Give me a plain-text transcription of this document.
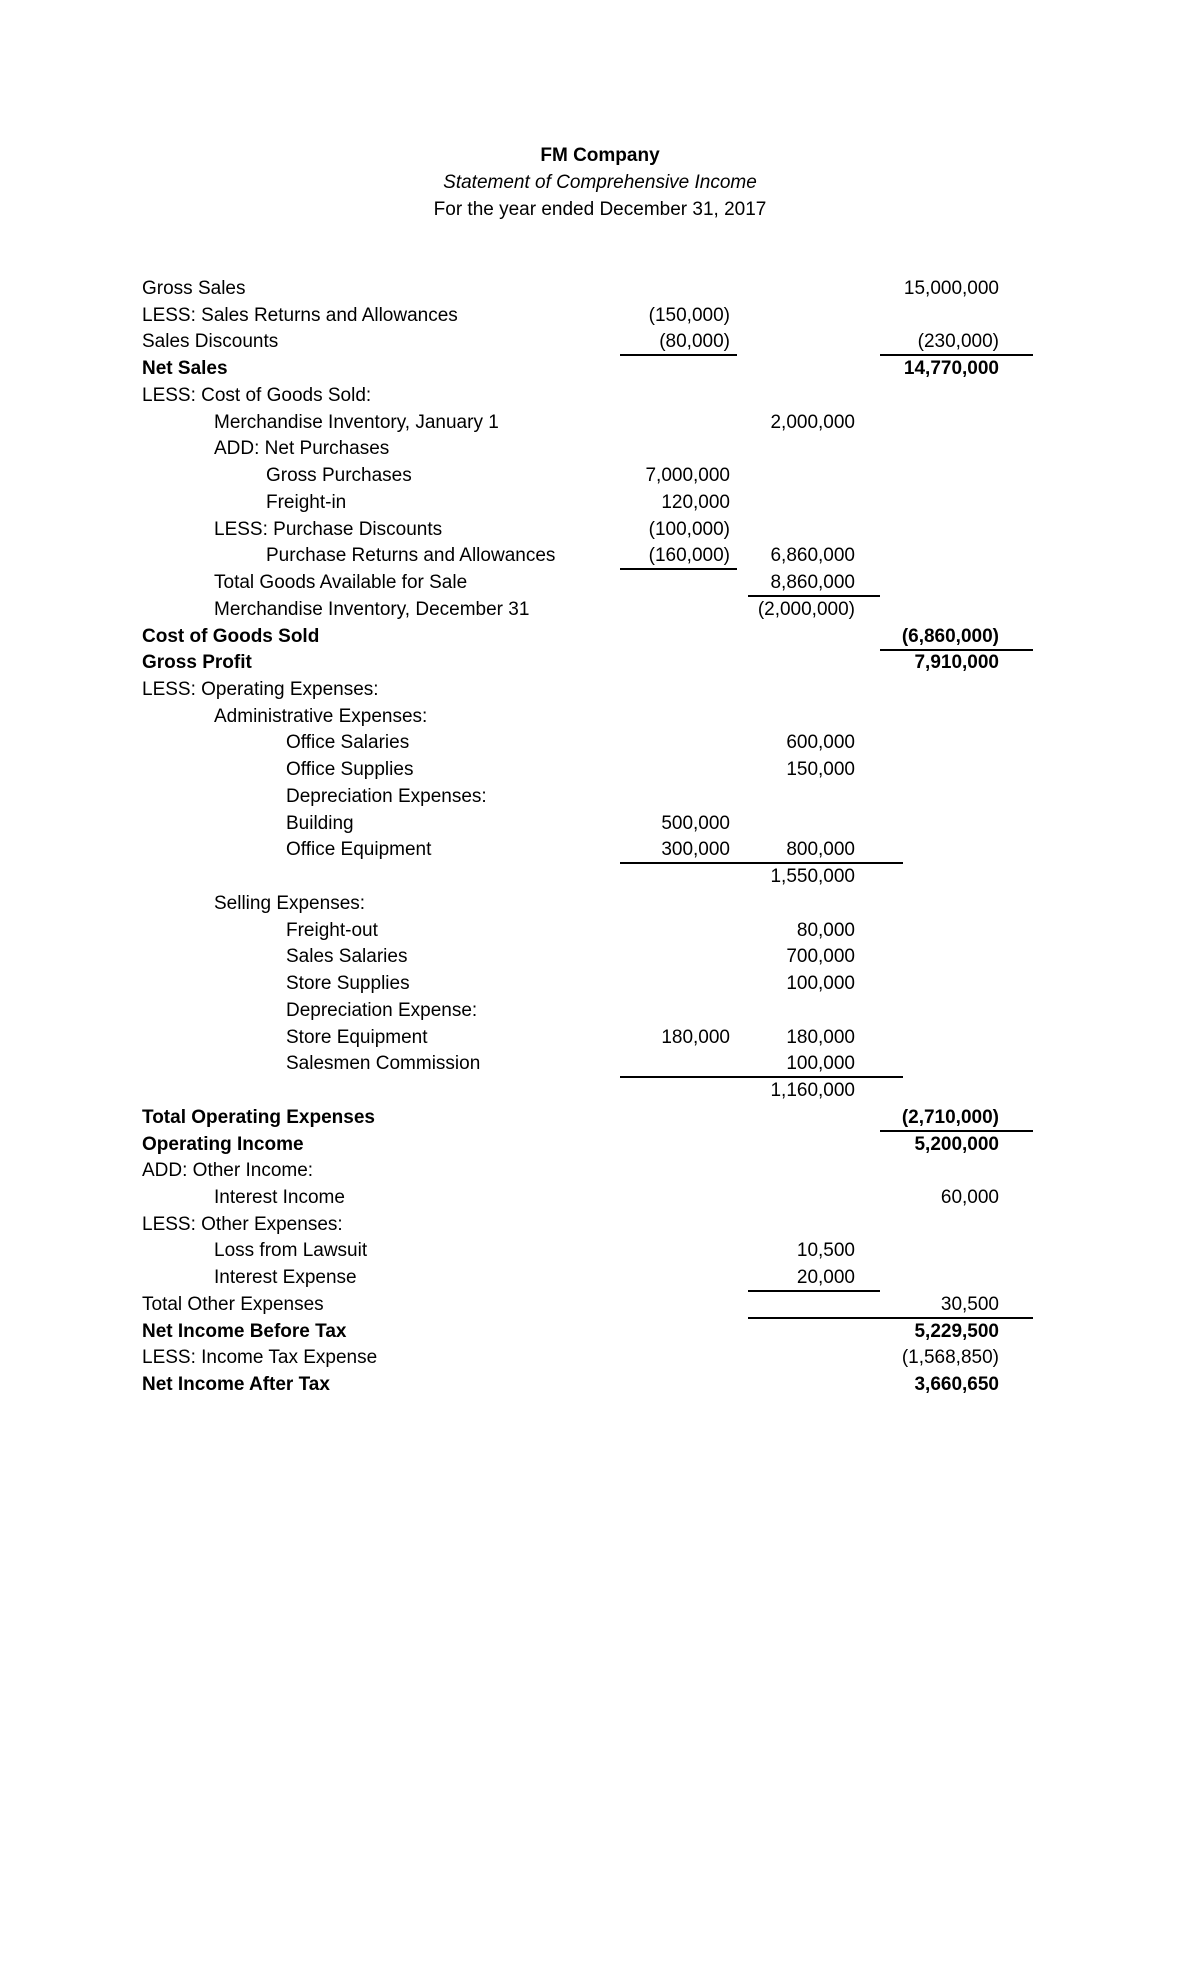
FM Company
Statement of Comprehensive Income
For the year ended December 31, 2017
Gross Sales	15,000,000
LESS: Sales Returns and Allowances	(150,000)
Sales Discounts	(80,000)	(230,000)
Net Sales	14,770,000
LESS: Cost of Goods Sold:
Merchandise Inventory, January 1	2,000,000
ADD: Net Purchases
Gross Purchases	7,000,000
Freight-in	120,000
LESS: Purchase Discounts	(100,000)
Purchase Returns and Allowances	(160,000)	6,860,000
Total Goods Available for Sale	8,860,000
Merchandise Inventory, December 31	(2,000,000)
Cost of Goods Sold	(6,860,000)
Gross Profit	7,910,000
LESS: Operating Expenses:
Administrative Expenses:
Office Salaries	600,000
Office Supplies	150,000
Depreciation Expenses:
Building	500,000
Office Equipment	300,000	800,000
1,550,000
Selling Expenses:
Freight-out	80,000
Sales Salaries	700,000
Store Supplies	100,000
Depreciation Expense:
Store Equipment	180,000	180,000
Salesmen Commission	100,000
1,160,000
Total Operating Expenses	(2,710,000)
Operating Income	5,200,000
ADD: Other Income:
Interest Income	60,000
LESS: Other Expenses:
Loss from Lawsuit	10,500
Interest Expense	20,000
Total Other Expenses	30,500
Net Income Before Tax	5,229,500
LESS: Income Tax Expense	(1,568,850)
Net Income After Tax	3,660,650
